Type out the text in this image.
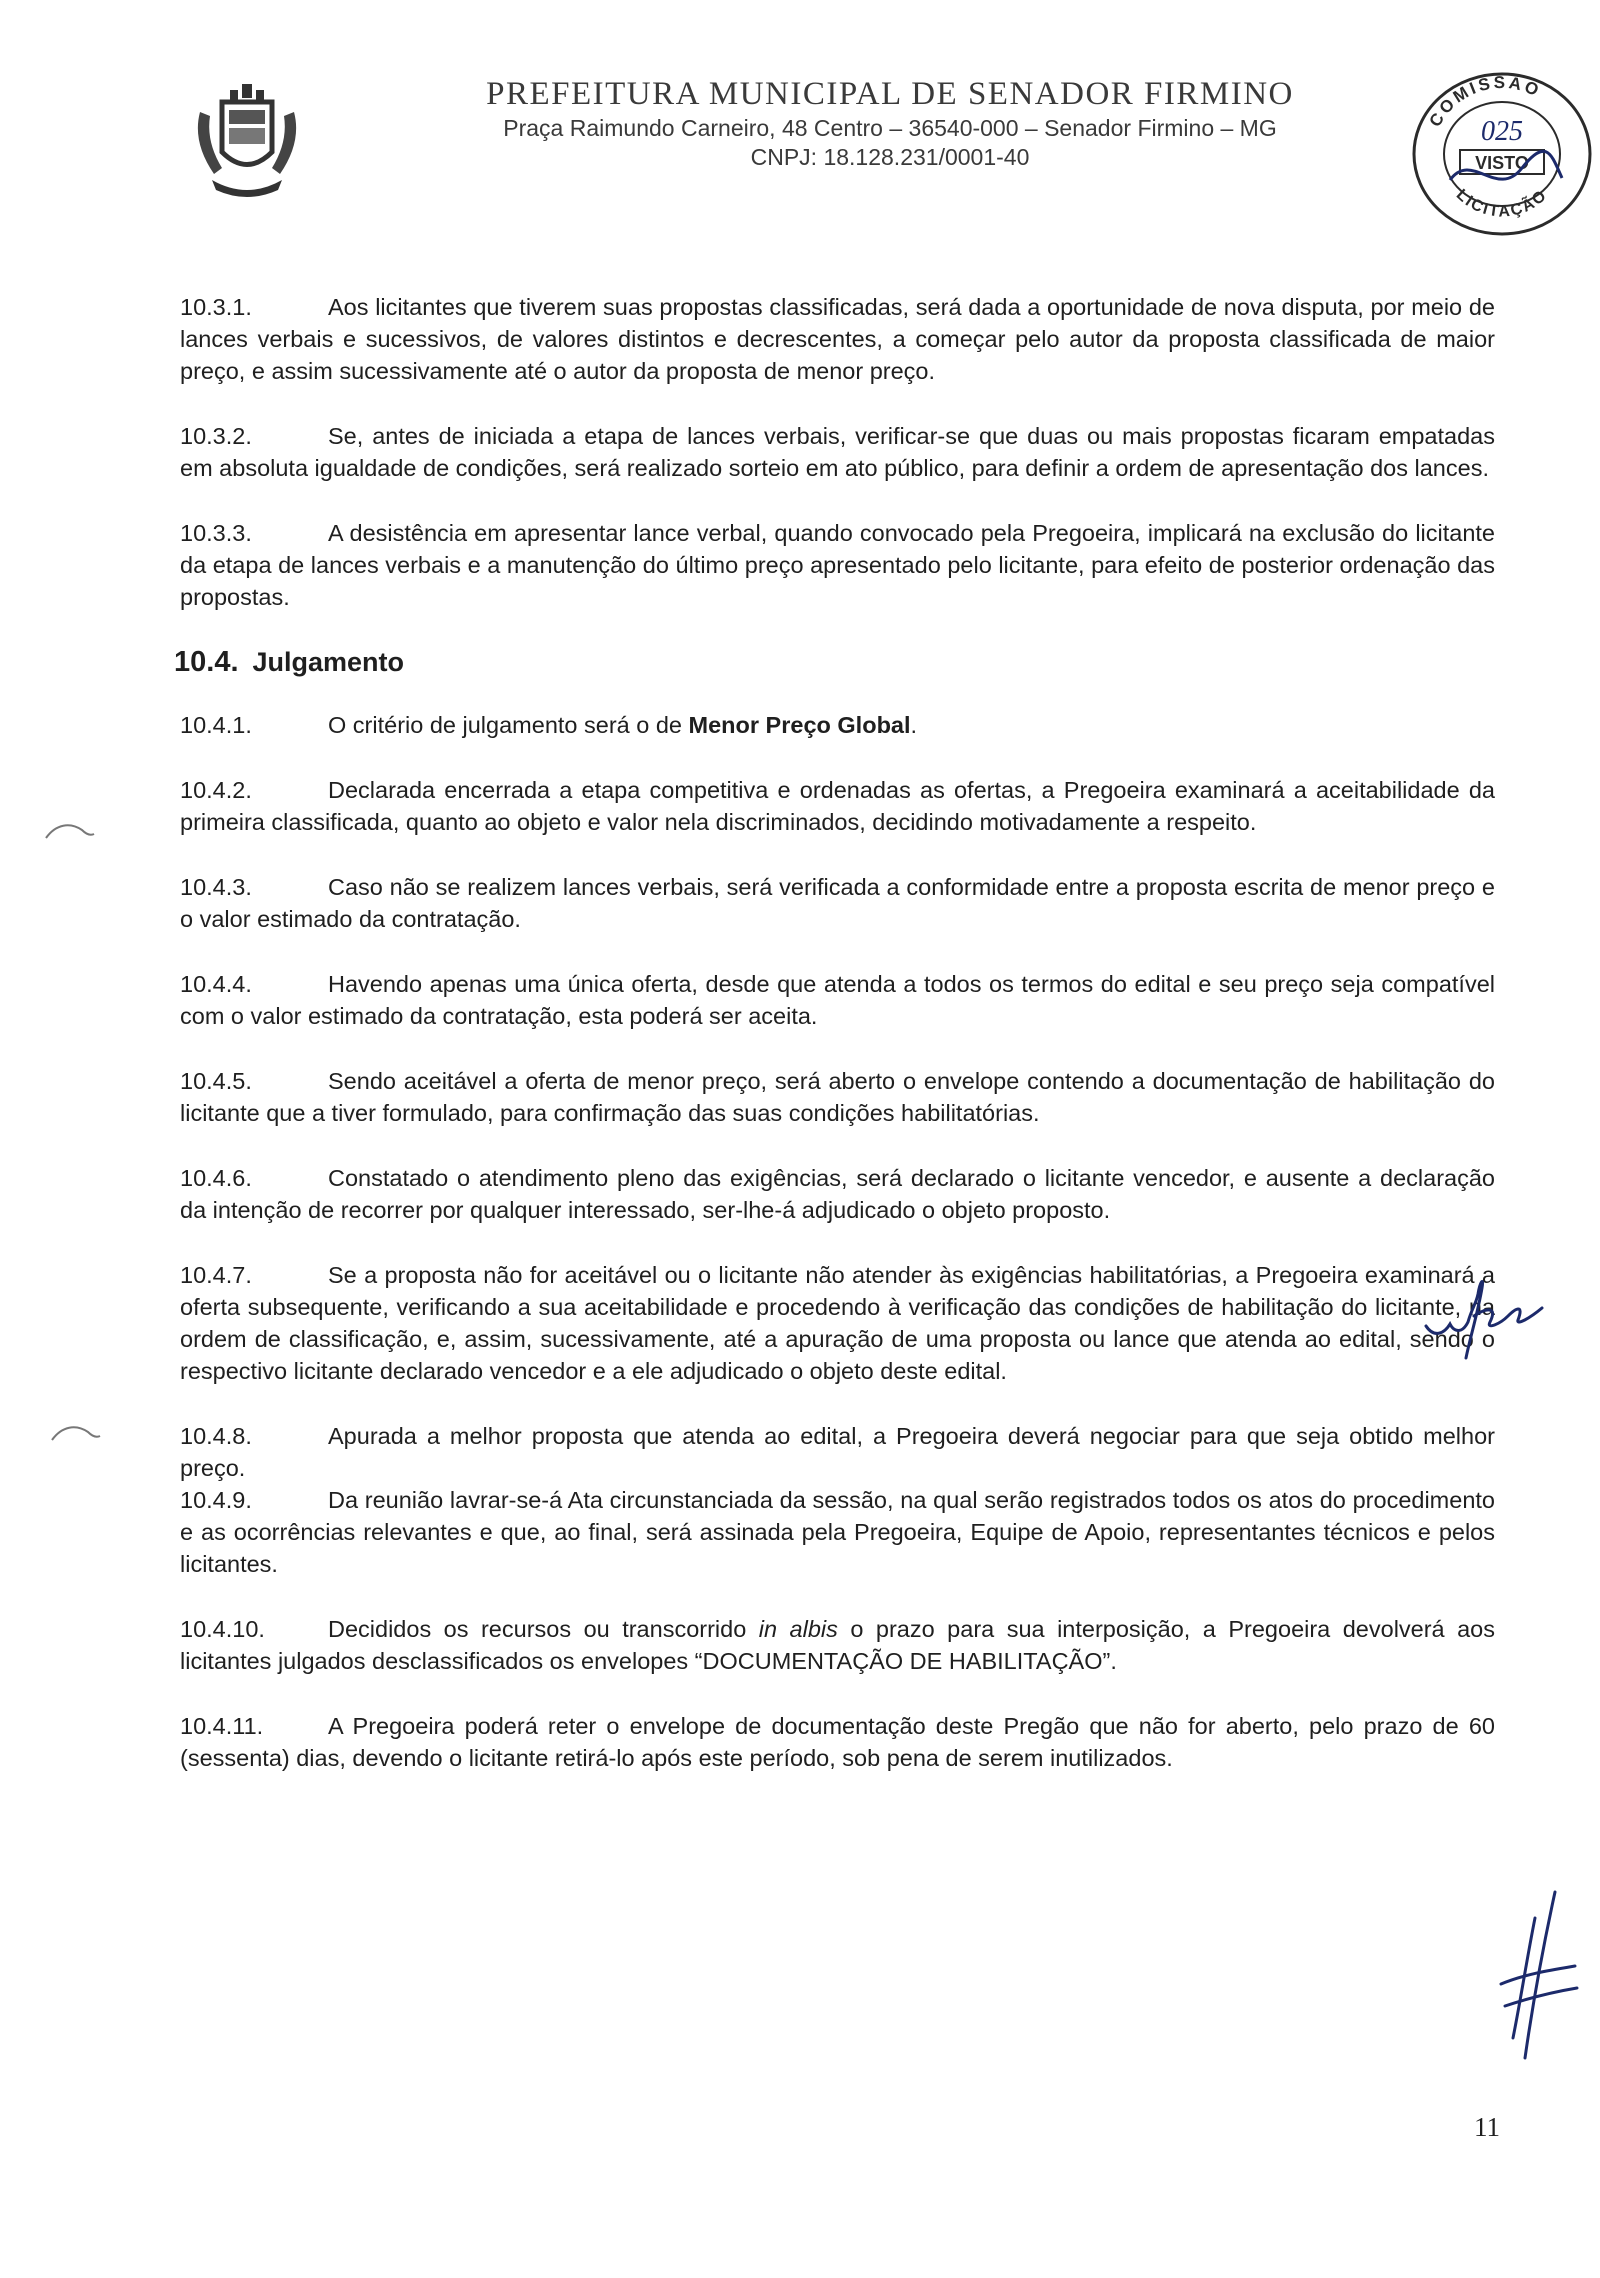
PREFEITURA MUNICIPAL DE SENADOR FIRMINO
Praça Raimundo Carneiro, 48 Centro – 36540-000 – Senador Firmino – MG
CNPJ: 18.128.231/0001-40
COMISSÃO
025
VISTO
LICITAÇÃO

10.3.1.	Aos licitantes que tiverem suas propostas classificadas, será dada a oportunidade de nova disputa, por meio de lances verbais e sucessivos, de valores distintos e decrescentes, a começar pelo autor da proposta classificada de maior preço, e assim sucessivamente até o autor da proposta de menor preço.

10.3.2.	Se, antes de iniciada a etapa de lances verbais, verificar-se que duas ou mais propostas ficaram empatadas em absoluta igualdade de condições, será realizado sorteio em ato público, para definir a ordem de apresentação dos lances.

10.3.3.	A desistência em apresentar lance verbal, quando convocado pela Pregoeira, implicará na exclusão do licitante da etapa de lances verbais e a manutenção do último preço apresentado pelo licitante, para efeito de posterior ordenação das propostas.

10.4. Julgamento

10.4.1.	O critério de julgamento será o de Menor Preço Global.

10.4.2.	Declarada encerrada a etapa competitiva e ordenadas as ofertas, a Pregoeira examinará a aceitabilidade da primeira classificada, quanto ao objeto e valor nela discriminados, decidindo motivadamente a respeito.

10.4.3.	Caso não se realizem lances verbais, será verificada a conformidade entre a proposta escrita de menor preço e o valor estimado da contratação.

10.4.4.	Havendo apenas uma única oferta, desde que atenda a todos os termos do edital e seu preço seja compatível com o valor estimado da contratação, esta poderá ser aceita.

10.4.5.	Sendo aceitável a oferta de menor preço, será aberto o envelope contendo a documentação de habilitação do licitante que a tiver formulado, para confirmação das suas condições habilitatórias.

10.4.6.	Constatado o atendimento pleno das exigências, será declarado o licitante vencedor, e ausente a declaração da intenção de recorrer por qualquer interessado, ser-lhe-á adjudicado o objeto proposto.

10.4.7.	Se a proposta não for aceitável ou o licitante não atender às exigências habilitatórias, a Pregoeira examinará a oferta subsequente, verificando a sua aceitabilidade e procedendo à verificação das condições de habilitação do licitante, na ordem de classificação, e, assim, sucessivamente, até a apuração de uma proposta ou lance que atenda ao edital, sendo o respectivo licitante declarado vencedor e a ele adjudicado o objeto deste edital.

10.4.8.	Apurada a melhor proposta que atenda ao edital, a Pregoeira deverá negociar para que seja obtido melhor preço.

10.4.9.	Da reunião lavrar-se-á Ata circunstanciada da sessão, na qual serão registrados todos os atos do procedimento e as ocorrências relevantes e que, ao final, será assinada pela Pregoeira, Equipe de Apoio, representantes técnicos e pelos licitantes.

10.4.10.	Decididos os recursos ou transcorrido in albis o prazo para sua interposição, a Pregoeira devolverá aos licitantes julgados desclassificados os envelopes “DOCUMENTAÇÃO DE HABILITAÇÃO”.

10.4.11.	A Pregoeira poderá reter o envelope de documentação deste Pregão que não for aberto, pelo prazo de 60 (sessenta) dias, devendo o licitante retirá-lo após este período, sob pena de serem inutilizados.

11
